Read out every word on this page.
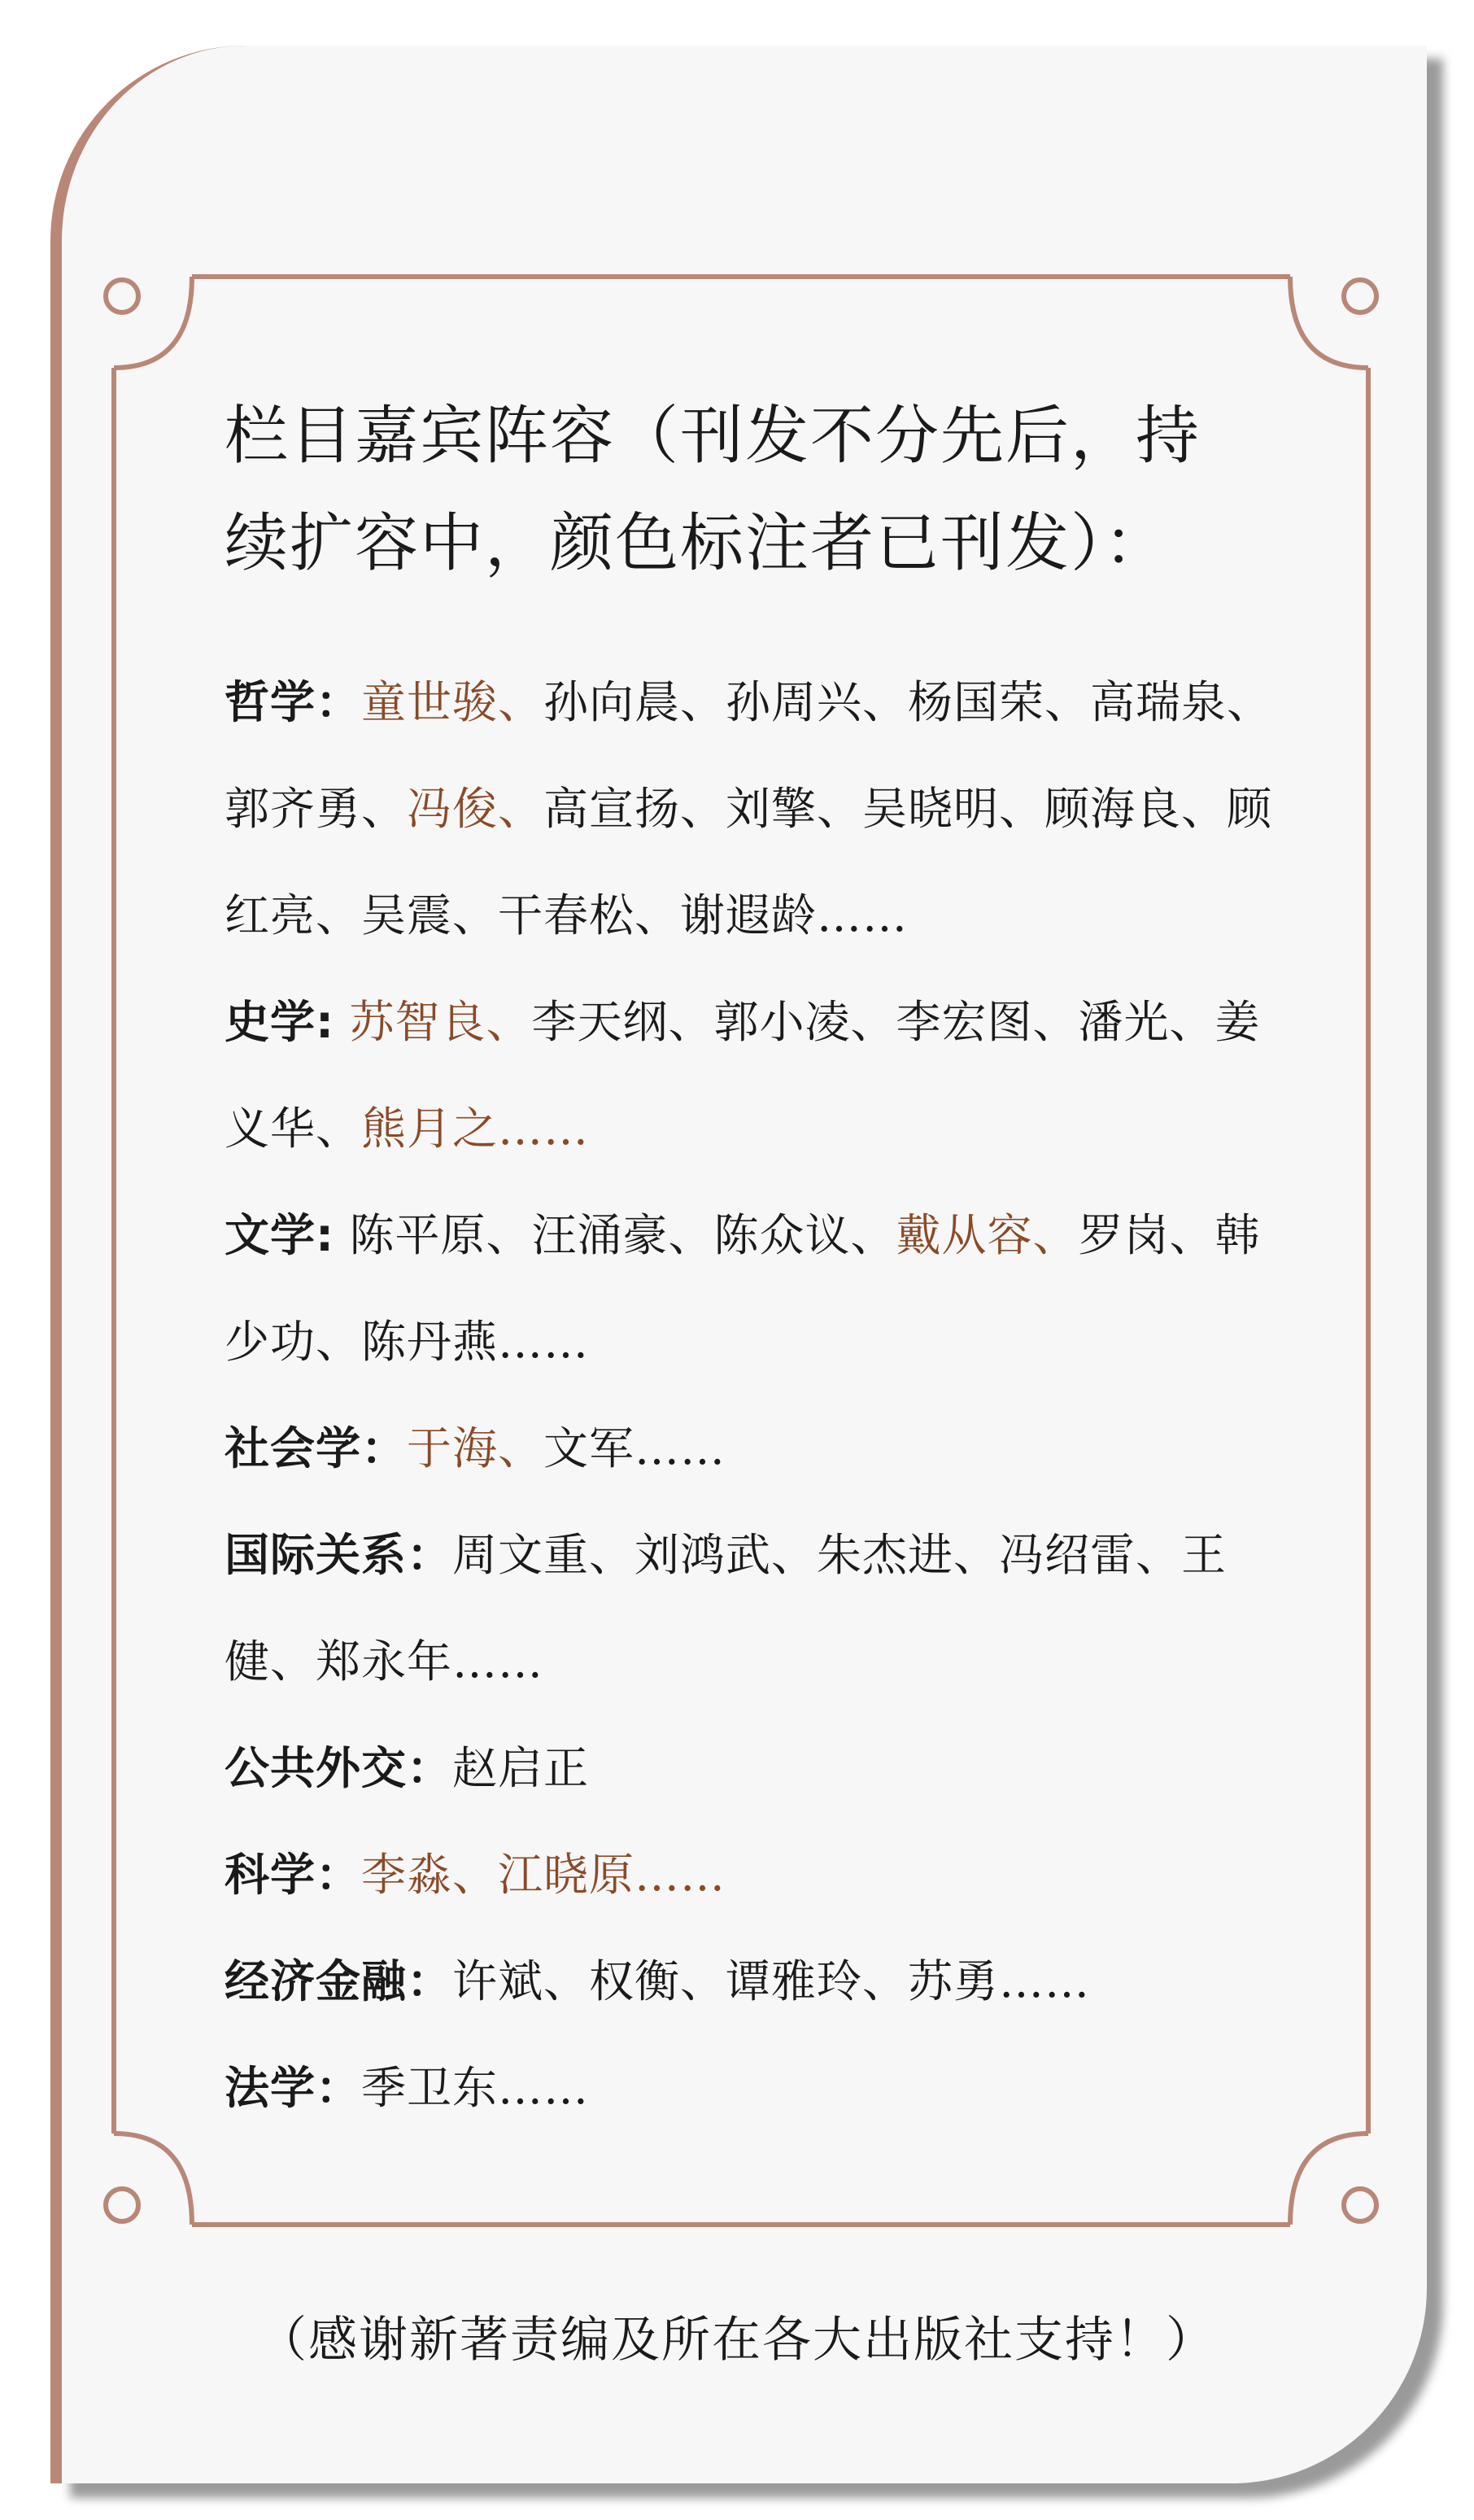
栏目嘉宾阵容（刊发不分先后，持
续扩容中，颜色标注者已刊发）：

哲学：童世骏、孙向晨、孙周兴、杨国荣、高瑞泉、郭齐勇、冯俊、高宣扬、刘擎、吴晓明、顾海良、顾红亮、吴震、干春松、谢遐龄……

史学: 苏智良、李天纲、郭小凌、李宏图、潘光、姜义华、熊月之……

文学: 陈平原、汪涌豪、陈众议、戴从容、罗岗、韩少功、陈丹燕……

社会学：于海、文军……

国际关系：周文重、刘鸿武、朱杰进、冯绍雷、王健、郑永年……

公共外交：赵启正

科学：李淼、江晓原……

经济金融：许斌、权衡、谭雅玲、苏勇……

法学：季卫东……

（感谢新著责编及所在各大出版社支持！）
